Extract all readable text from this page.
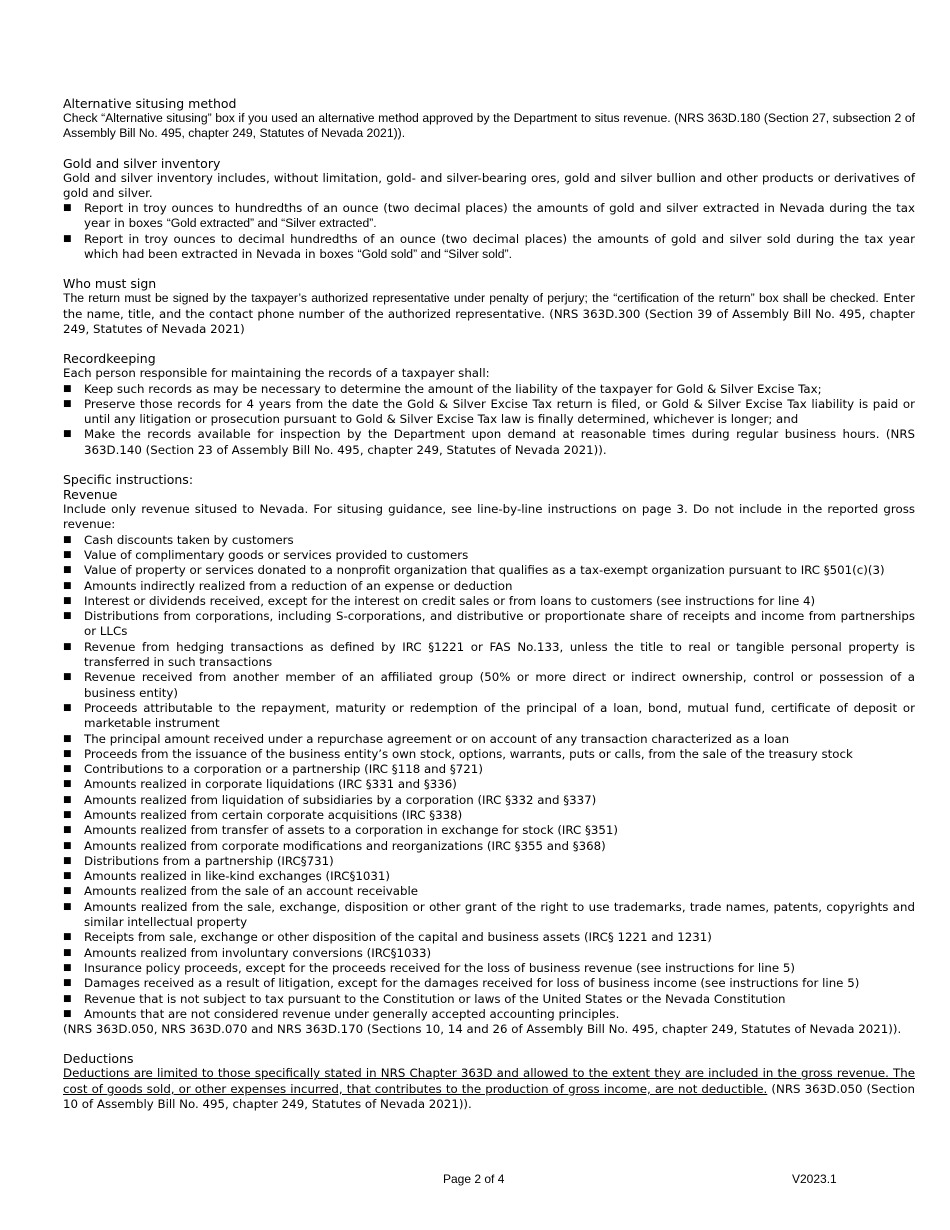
Alternative situsing method

Check “Alternative situsing” box if you used an alternative method approved by the Department to situs revenue. (NRS 363D.180 (Section 27, subsection 2 of Assembly Bill No. 495, chapter 249, Statutes of Nevada 2021)).

Gold and silver inventory

Gold and silver inventory includes, without limitation, gold- and silver-bearing ores, gold and silver bullion and other products or derivatives of gold and silver.

■ Report in troy ounces to hundredths of an ounce (two decimal places) the amounts of gold and silver extracted in Nevada during the tax year in boxes “Gold extracted” and “Silver extracted”.
■ Report in troy ounces to decimal hundredths of an ounce (two decimal places) the amounts of gold and silver sold during the tax year which had been extracted in Nevada in boxes “Gold sold” and “Silver sold”.
Who must sign

The return must be signed by the taxpayer’s authorized representative under penalty of perjury; the “certification of the return” box shall be checked. Enter the name, title, and the contact phone number of the authorized representative. (NRS 363D.300 (Section 39 of Assembly Bill No. 495, chapter 249, Statutes of Nevada 2021)

Recordkeeping

Each person responsible for maintaining the records of a taxpayer shall:

■ Keep such records as may be necessary to determine the amount of the liability of the taxpayer for Gold & Silver Excise Tax;
■ Preserve those records for 4 years from the date the Gold & Silver Excise Tax return is filed, or Gold & Silver Excise Tax liability is paid or until any litigation or prosecution pursuant to Gold & Silver Excise Tax law is finally determined, whichever is longer; and
■ Make the records available for inspection by the Department upon demand at reasonable times during regular business hours. (NRS 363D.140 (Section 23 of Assembly Bill No. 495, chapter 249, Statutes of Nevada 2021)).
Specific instructions:
Revenue

Include only revenue sitused to Nevada. For situsing guidance, see line-by-line instructions on page 3. Do not include in the reported gross revenue:

■ Cash discounts taken by customers
■ Value of complimentary goods or services provided to customers
■ Value of property or services donated to a nonprofit organization that qualifies as a tax-exempt organization pursuant to IRC §501(c)(3)
■ Amounts indirectly realized from a reduction of an expense or deduction
■ Interest or dividends received, except for the interest on credit sales or from loans to customers (see instructions for line 4)
■ Distributions from corporations, including S-corporations, and distributive or proportionate share of receipts and income from partnerships or LLCs
■ Revenue from hedging transactions as defined by IRC §1221 or FAS No.133, unless the title to real or tangible personal property is transferred in such transactions
■ Revenue received from another member of an affiliated group (50% or more direct or indirect ownership, control or possession of a business entity)
■ Proceeds attributable to the repayment, maturity or redemption of the principal of a loan, bond, mutual fund, certificate of deposit or marketable instrument
■ The principal amount received under a repurchase agreement or on account of any transaction characterized as a loan
■ Proceeds from the issuance of the business entity’s own stock, options, warrants, puts or calls, from the sale of the treasury stock
■ Contributions to a corporation or a partnership (IRC §118 and §721)
■ Amounts realized in corporate liquidations (IRC §331 and §336)
■ Amounts realized from liquidation of subsidiaries by a corporation (IRC §332 and §337)
■ Amounts realized from certain corporate acquisitions (IRC §338)
■ Amounts realized from transfer of assets to a corporation in exchange for stock (IRC §351)
■ Amounts realized from corporate modifications and reorganizations (IRC §355 and §368)
■ Distributions from a partnership (IRC§731)
■ Amounts realized in like-kind exchanges (IRC§1031)
■ Amounts realized from the sale of an account receivable
■ Amounts realized from the sale, exchange, disposition or other grant of the right to use trademarks, trade names, patents, copyrights and similar intellectual property
■ Receipts from sale, exchange or other disposition of the capital and business assets (IRC§ 1221 and 1231)
■ Amounts realized from involuntary conversions (IRC§1033)
■ Insurance policy proceeds, except for the proceeds received for the loss of business revenue (see instructions for line 5)
■ Damages received as a result of litigation, except for the damages received for loss of business income (see instructions for line 5)
■ Revenue that is not subject to tax pursuant to the Constitution or laws of the United States or the Nevada Constitution
■ Amounts that are not considered revenue under generally accepted accounting principles.

(NRS 363D.050, NRS 363D.070 and NRS 363D.170 (Sections 10, 14 and 26 of Assembly Bill No. 495, chapter 249, Statutes of Nevada 2021)).

Deductions

Deductions are limited to those specifically stated in NRS Chapter 363D and allowed to the extent they are included in the gross revenue. The cost of goods sold, or other expenses incurred, that contributes to the production of gross income, are not deductible. (NRS 363D.050 (Section 10 of Assembly Bill No. 495, chapter 249, Statutes of Nevada 2021)).

Page 2 of 4	V2023.1
